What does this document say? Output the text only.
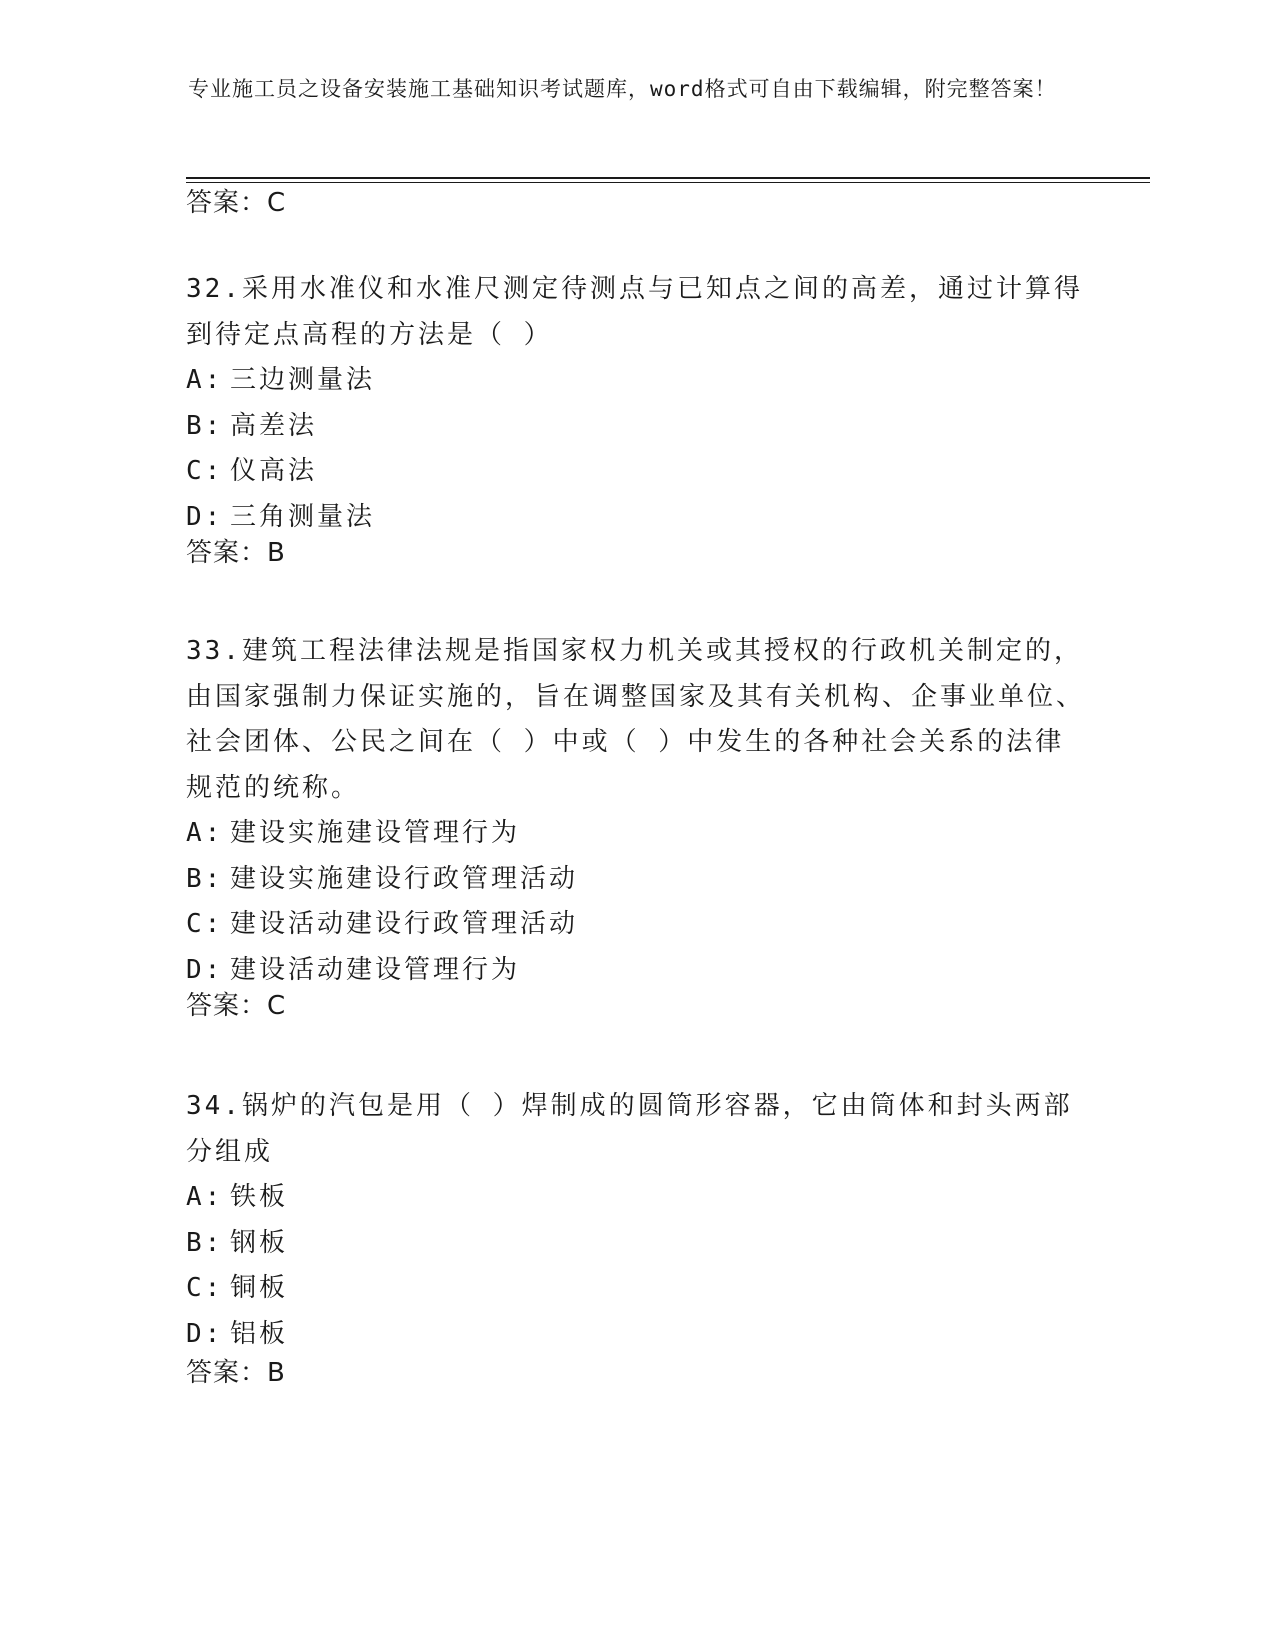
专业施工员之设备安装施工基础知识考试题库，word格式可自由下载编辑，附完整答案！
答案：C

32.采用水准仪和水准尺测定待测点与已知点之间的高差，通过计算得到待定点高程的方法是（ ）

A: 三边测量法

B: 高差法

C: 仪高法

D: 三角测量法

答案：B

33.建筑工程法律法规是指国家权力机关或其授权的行政机关制定的，由国家强制力保证实施的，旨在调整国家及其有关机构、企事业单位、社会团体、公民之间在（ ）中或（ ）中发生的各种社会关系的法律规范的统称。

A: 建设实施建设管理行为

B: 建设实施建设行政管理活动

C: 建设活动建设行政管理活动

D: 建设活动建设管理行为

答案：C

34.锅炉的汽包是用（ ）焊制成的圆筒形容器，它由筒体和封头两部分组成

A: 铁板

B: 钢板

C: 铜板

D: 铝板

答案：B
